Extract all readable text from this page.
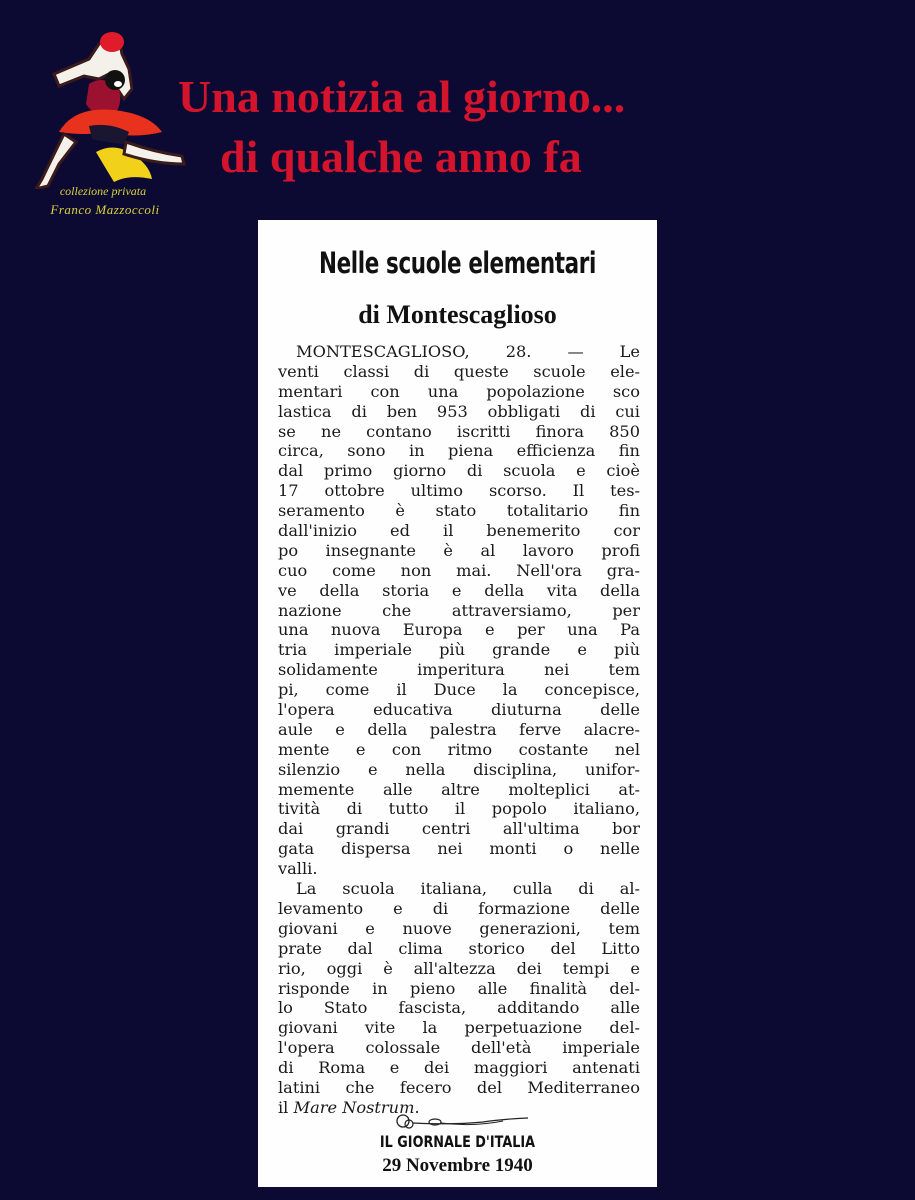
collezione privata
Franco Mazzoccoli
Una notizia al giorno...
di qualche anno fa
Nelle scuole elementari
di Montescaglioso
MONTESCAGLIOSO, 28. — Le
venti classi di queste scuole ele-
mentari con una popolazione sco
lastica di ben 953 obbligati di cui
se ne contano iscritti finora 850
circa, sono in piena efficienza fin
dal primo giorno di scuola e cioè
17 ottobre ultimo scorso. Il tes-
seramento è stato totalitario fin
dall'inizio ed il benemerito cor
po insegnante è al lavoro profi
cuo come non mai. Nell'ora gra-
ve della storia e della vita della
nazione che attraversiamo, per
una nuova Europa e per una Pa
tria imperiale più grande e più
solidamente imperitura nei tem
pi, come il Duce la concepisce,
l'opera educativa diuturna delle
aule e della palestra ferve alacre-
mente e con ritmo costante nel
silenzio e nella disciplina, unifor-
memente alle altre molteplici at-
tività di tutto il popolo italiano,
dai grandi centri all'ultima bor
gata dispersa nei monti o nelle
valli.
La scuola italiana, culla di al-
levamento e di formazione delle
giovani e nuove generazioni, tem
prate dal clima storico del Litto
rio, oggi è all'altezza dei tempi e
risponde in pieno alle finalità del-
lo Stato fascista, additando alle
giovani vite la perpetuazione del-
l'opera colossale dell'età imperiale
di Roma e dei maggiori antenati
latini che fecero del Mediterraneo
il Mare Nostrum.
IL GIORNALE D'ITALIA
29 Novembre 1940
